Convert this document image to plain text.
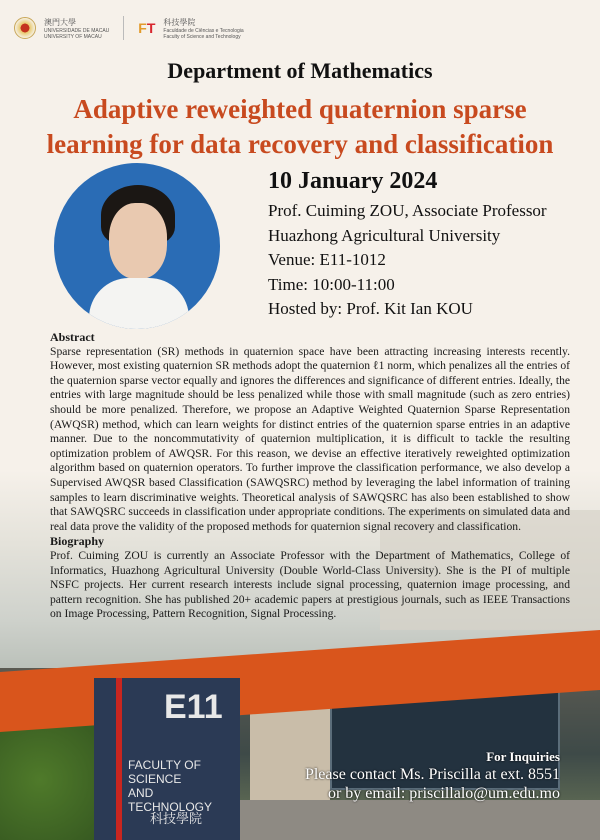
E11
FACULTY OF SCIENCE
AND TECHNOLOGY
科技學院
澳門大學
UNIVERSIDADE DE MACAU
UNIVERSITY OF MACAU
FT 科技學院
Faculdade de Ciências e Tecnologia
Faculty of Science and Technology
Department of Mathematics
Adaptive reweighted quaternion sparse
learning for data recovery and classification
10 January 2024
Prof. Cuiming ZOU, Associate Professor
Huazhong Agricultural University
Venue: E11-1012
Time: 10:00-11:00
Hosted by: Prof. Kit Ian KOU
Abstract

Sparse representation (SR) methods in quaternion space have been attracting increasing interests recently. However, most existing quaternion SR methods adopt the quaternion ℓ1 norm, which penalizes all the entries of the quaternion sparse vector equally and ignores the differences and significance of different entries. Ideally, the entries with large magnitude should be less penalized while those with small magnitude (such as zero entries) should be more penalized. Therefore, we propose an Adaptive Weighted Quaternion Sparse Representation (AWQSR) method, which can learn weights for distinct entries of the quaternion sparse entries in an adaptive manner. Due to the noncommutativity of quaternion multiplication, it is difficult to tackle the resulting optimization problem of AWQSR. For this reason, we devise an effective iteratively reweighted optimization algorithm based on quaternion operators. To further improve the classification performance, we also develop a Supervised AWQSR based Classification (SAWQSRC) method by leveraging the label information of training samples to learn discriminative weights. Theoretical analysis of SAWQSRC has also been established to show that SAWQSRC succeeds in classification under appropriate conditions. The experiments on simulated data and real data prove the validity of the proposed methods for quaternion signal recovery and classification.

Biography

Prof. Cuiming ZOU is currently an Associate Professor with the Department of Mathematics, College of Informatics, Huazhong Agricultural University (Double World-Class University). She is the PI of multiple NSFC projects. Her current research interests include signal processing, quaternion image processing, and pattern recognition. She has published 20+ academic papers at prestigious journals, such as IEEE Transactions on Image Processing, Pattern Recognition, Signal Processing.

For Inquiries
Please contact Ms. Priscilla at ext. 8551
or by email: priscillalo@um.edu.mo
